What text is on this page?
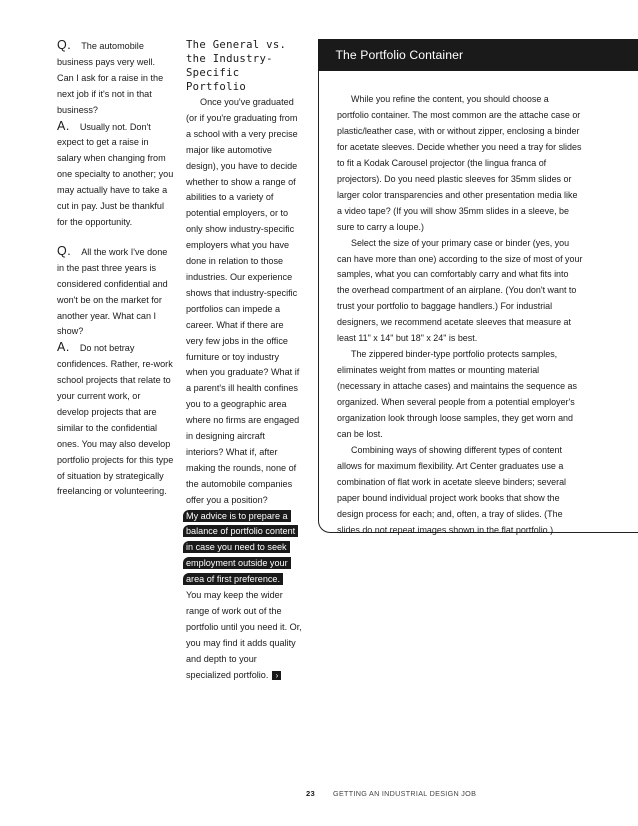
Q. The automobile business pays very well. Can I ask for a raise in the next job if it's not in that business?

A. Usually not. Don't expect to get a raise in salary when changing from one specialty to another; you may actually have to take a cut in pay. Just be thankful for the opportunity.

Q. All the work I've done in the past three years is considered confidential and won't be on the market for another year. What can I show?

A. Do not betray confidences. Rather, re-work school projects that relate to your current work, or develop projects that are similar to the confidential ones. You may also develop portfolio projects for this type of situation by strategically freelancing or volunteering.

The General vs. the Industry-Specific Portfolio

Once you've graduated (or if you're graduating from a school with a very precise major like automotive design), you have to decide whether to show a range of abilities to a variety of potential employers, or to only show industry-specific employers what you have done in relation to those industries. Our experience shows that industry-specific portfolios can impede a career. What if there are very few jobs in the office furniture or toy industry when you graduate? What if a parent's ill health confines you to a geographic area where no firms are engaged in designing aircraft interiors? What if, after making the rounds, none of the automobile companies offer you a position?

My advice is to prepare a balance of portfolio content in case you need to seek employment outside your area of first preference.

You may keep the wider range of work out of the portfolio until you need it. Or, you may find it adds quality and depth to your specialized portfolio. ›

The Portfolio Container

While you refine the content, you should choose a portfolio container. The most common are the attache case or plastic/leather case, with or without zipper, enclosing a binder for acetate sleeves. Decide whether you need a tray for slides to fit a Kodak Carousel projector (the lingua franca of projectors). Do you need plastic sleeves for 35mm slides or larger color transparencies and other presentation media like a video tape? (If you will show 35mm slides in a sleeve, be sure to carry a loupe.)

Select the size of your primary case or binder (yes, you can have more than one) according to the size of most of your samples, what you can comfortably carry and what fits into the overhead compartment of an airplane. (You don't want to trust your portfolio to baggage handlers.) For industrial designers, we recommend acetate sleeves that measure at least 11" x 14" but 18" x 24" is best.

The zippered binder-type portfolio protects samples, eliminates weight from mattes or mounting material (necessary in attache cases) and maintains the sequence as organized. When several people from a potential employer's organization look through loose samples, they get worn and can be lost.

Combining ways of showing different types of content allows for maximum flexibility. Art Center graduates use a combination of flat work in acetate sleeve binders; several paper bound individual project work books that show the design process for each; and, often, a tray of slides. (The slides do not repeat images shown in the flat portfolio.)

23	GETTING AN INDUSTRIAL DESIGN JOB
